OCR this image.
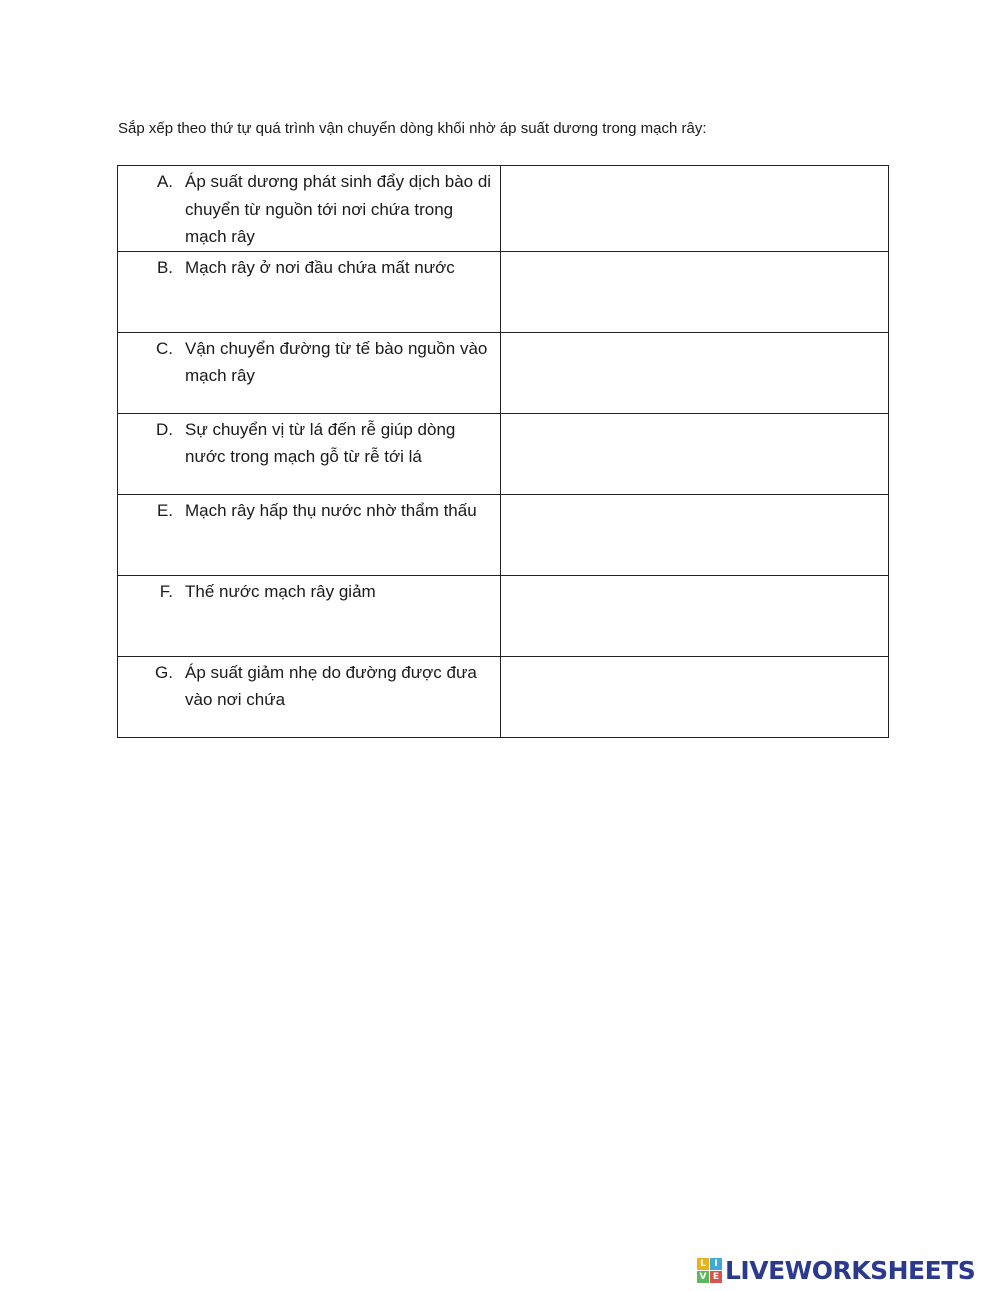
Sắp xếp theo thứ tự quá trình vận chuyển dòng khối nhờ áp suất dương trong mạch rây:
A. Áp suất dương phát sinh đẩy dịch bào di chuyển từ nguồn tới nơi chứa trong mạch rây	

B. Mạch rây ở nơi đầu chứa mất nước	

C. Vận chuyển đường từ tế bào nguồn vào mạch rây	

D. Sự chuyển vị từ lá đến rễ giúp dòng nước trong mạch gỗ từ rễ tới lá	

E. Mạch rây hấp thụ nước nhờ thẩm thấu	

F. Thế nước mạch rây giảm	

G. Áp suất giảm nhẹ do đường được đưa vào nơi chứa	

L I
V E LIVEWORKSHEETS
